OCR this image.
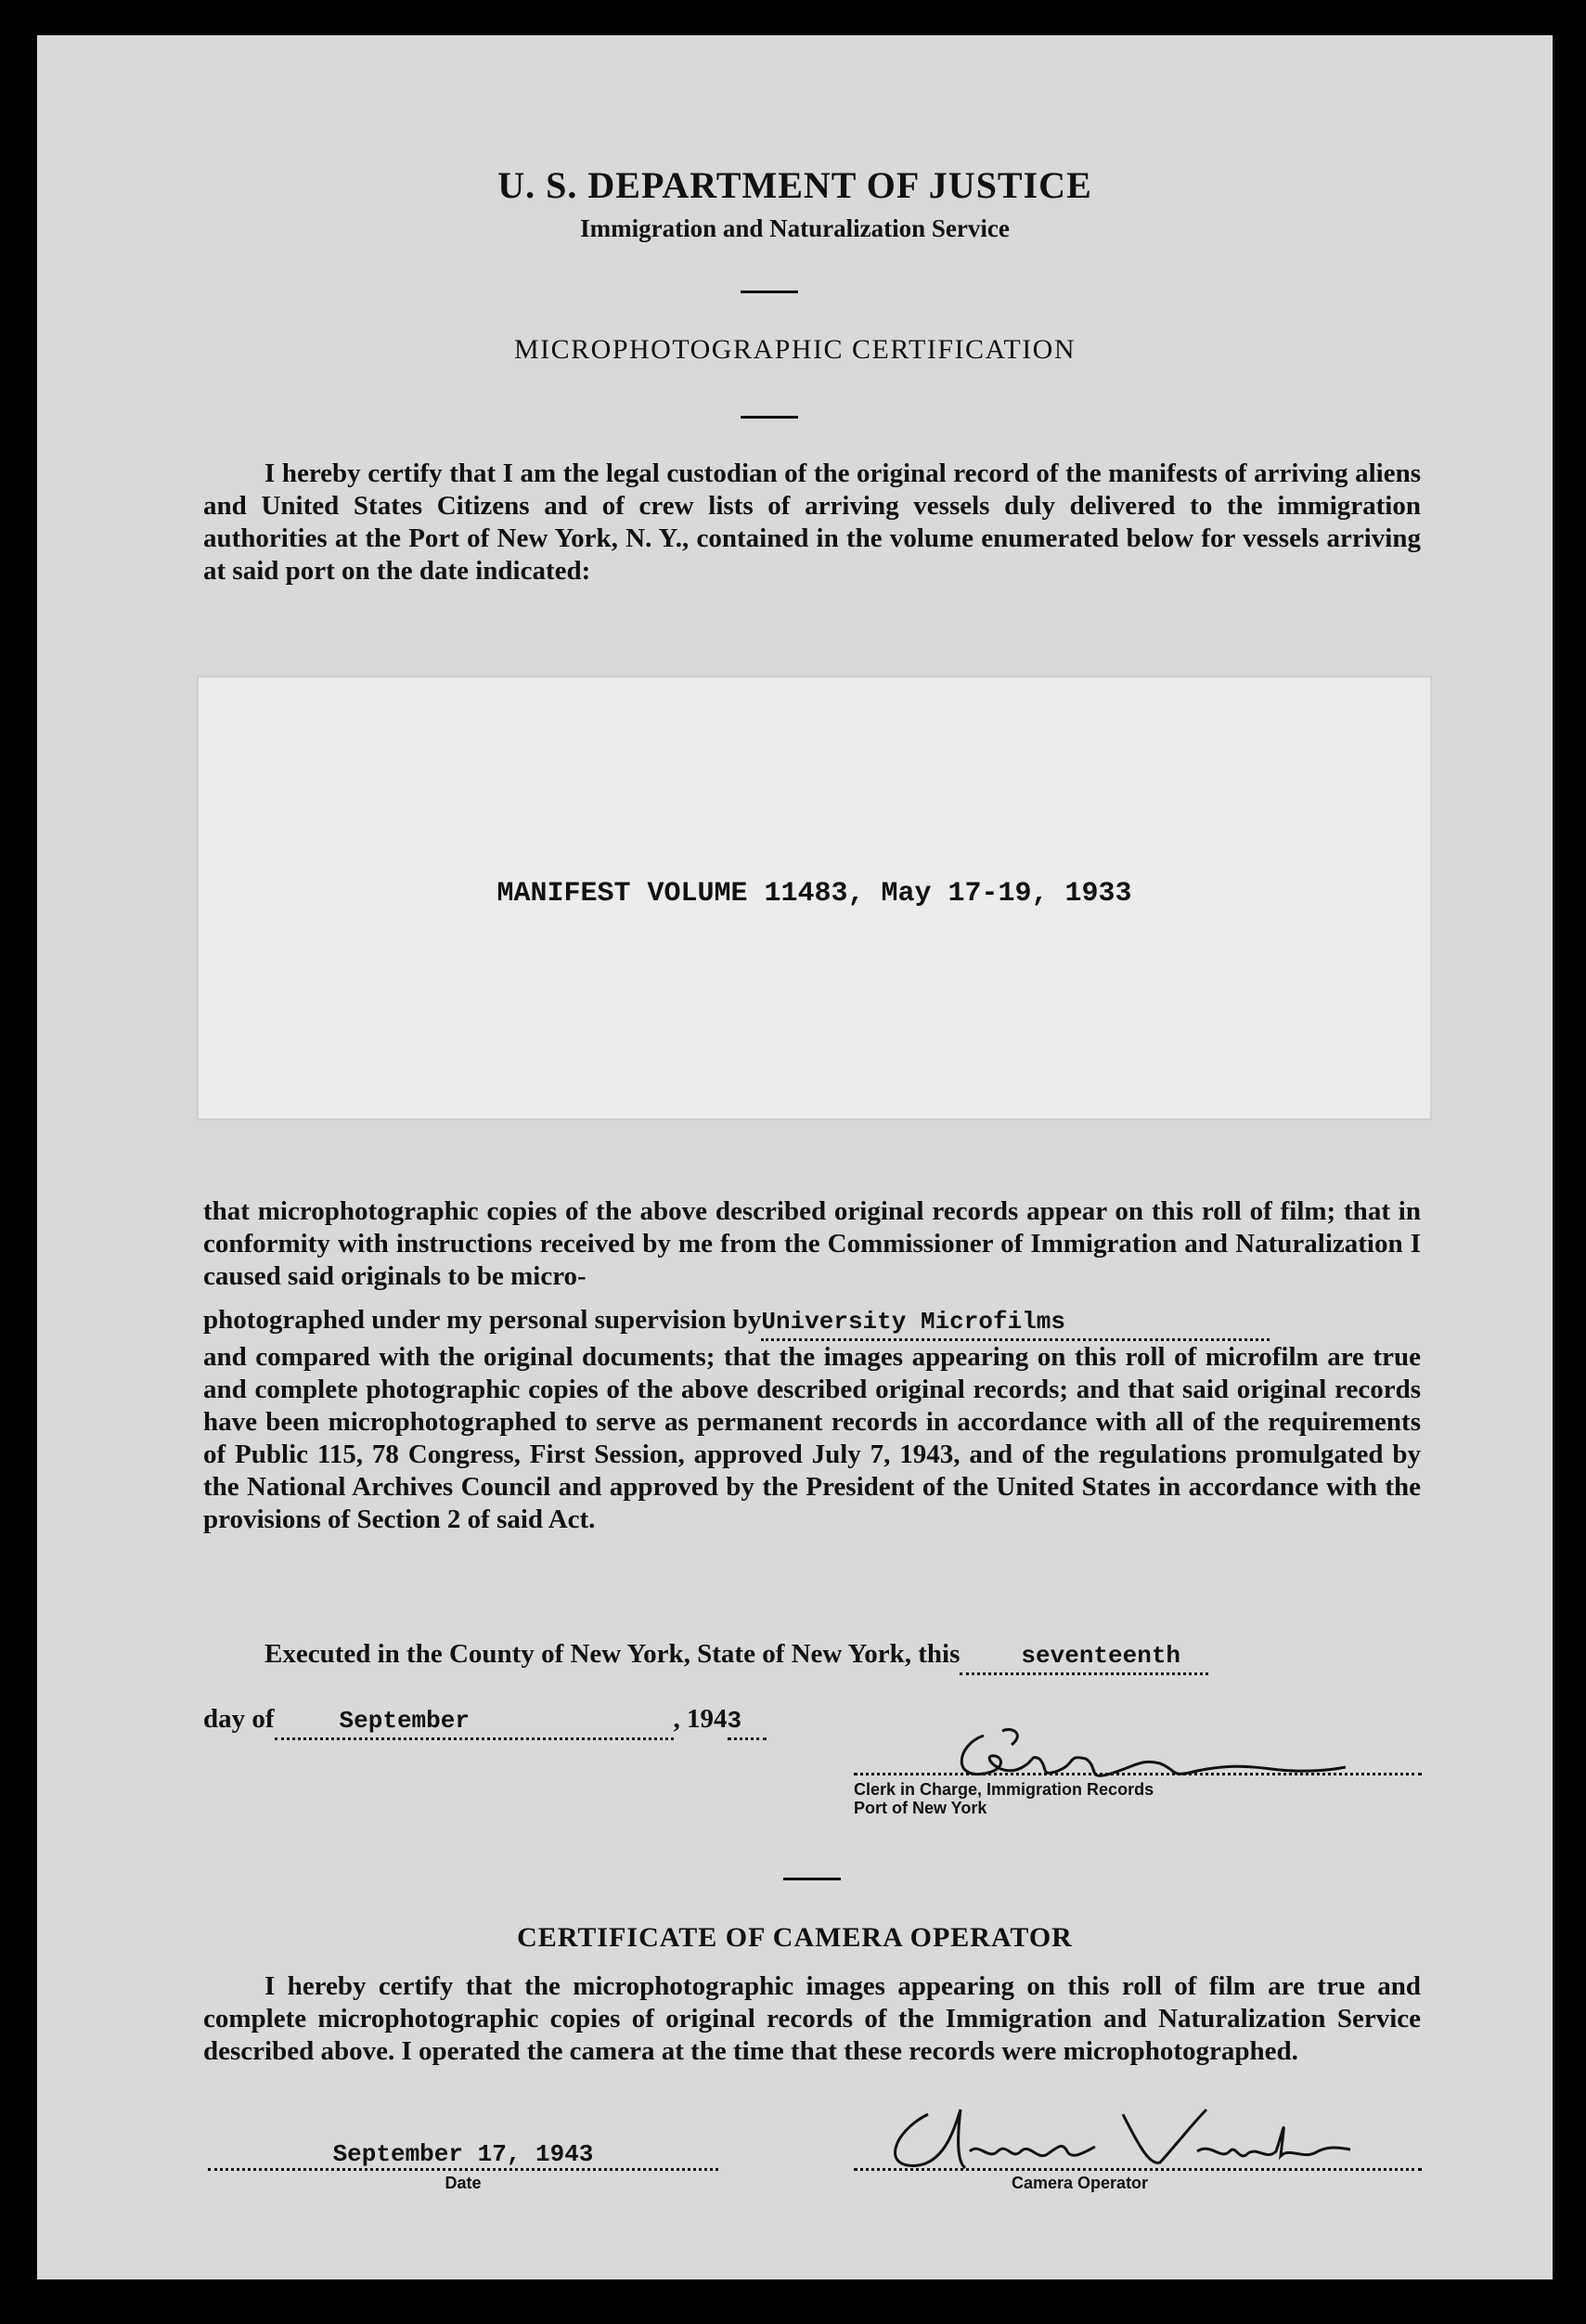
U. S. DEPARTMENT OF JUSTICE
Immigration and Naturalization Service
MICROPHOTOGRAPHIC CERTIFICATION

I hereby certify that I am the legal custodian of the original record of the manifests of arriving aliens and United States Citizens and of crew lists of arriving vessels duly delivered to the immigration authorities at the Port of New York, N. Y., contained in the volume enumerated below for vessels arriving at said port on the date indicated:

MANIFEST VOLUME 11483, May 17-19, 1933

that microphotographic copies of the above described original records appear on this roll of film; that in conformity with instructions received by me from the Commissioner of Immigration and Naturalization I caused said originals to be micro-

photographed under my personal supervision byUniversity Microfilms

and compared with the original documents; that the images appearing on this roll of microfilm are true and complete photographic copies of the above described original records; and that said original records have been microphotographed to serve as permanent records in accordance with all of the requirements of Public 115, 78 Congress, First Session, approved July 7, 1943, and of the regulations promulgated by the National Archives Council and approved by the President of the United States in accordance with the provisions of Section 2 of said Act.

Executed in the County of New York, State of New York, this	seventeenth

day of	September	, 1943

Clerk in Charge, Immigration Records
Port of New York
CERTIFICATE OF CAMERA OPERATOR

I hereby certify that the microphotographic images appearing on this roll of film are true and complete microphotographic copies of original records of the Immigration and Naturalization Service described above. I operated the camera at the time that these records were microphotographed.

September 17, 1943
Date	Camera Operator
